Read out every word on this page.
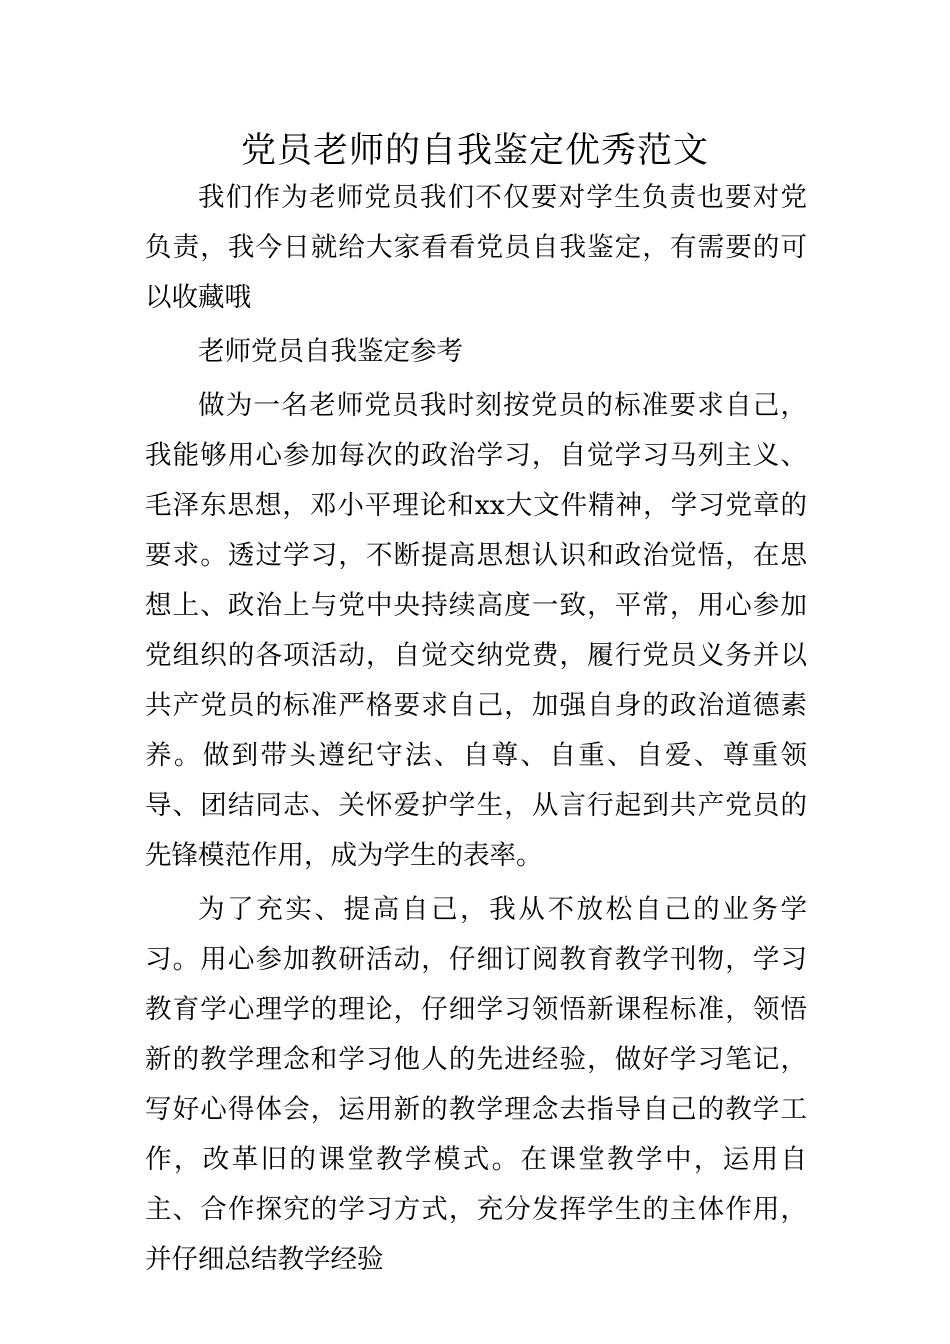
党员老师的自我鉴定优秀范文

我们作为老师党员我们不仅要对学生负责也要对党负责，我今日就给大家看看党员自我鉴定，有需要的可以收藏哦

老师党员自我鉴定参考

做为一名老师党员我时刻按党员的标准要求自己，我能够用心参加每次的政治学习，自觉学习马列主义、毛泽东思想，邓小平理论和xx大文件精神，学习党章的要求。透过学习，不断提高思想认识和政治觉悟，在思想上、政治上与党中央持续高度一致，平常，用心参加党组织的各项活动，自觉交纳党费，履行党员义务并以共产党员的标准严格要求自己，加强自身的政治道德素养。做到带头遵纪守法、自尊、自重、自爱、尊重领导、团结同志、关怀爱护学生，从言行起到共产党员的先锋模范作用，成为学生的表率。

为了充实、提高自己，我从不放松自己的业务学习。用心参加教研活动，仔细订阅教育教学刊物，学习教育学心理学的理论，仔细学习领悟新课程标准，领悟新的教学理念和学习他人的先进经验，做好学习笔记，写好心得体会，运用新的教学理念去指导自己的教学工作，改革旧的课堂教学模式。在课堂教学中，运用自主、合作探究的学习方式，充分发挥学生的主体作用，并仔细总结教学经验
